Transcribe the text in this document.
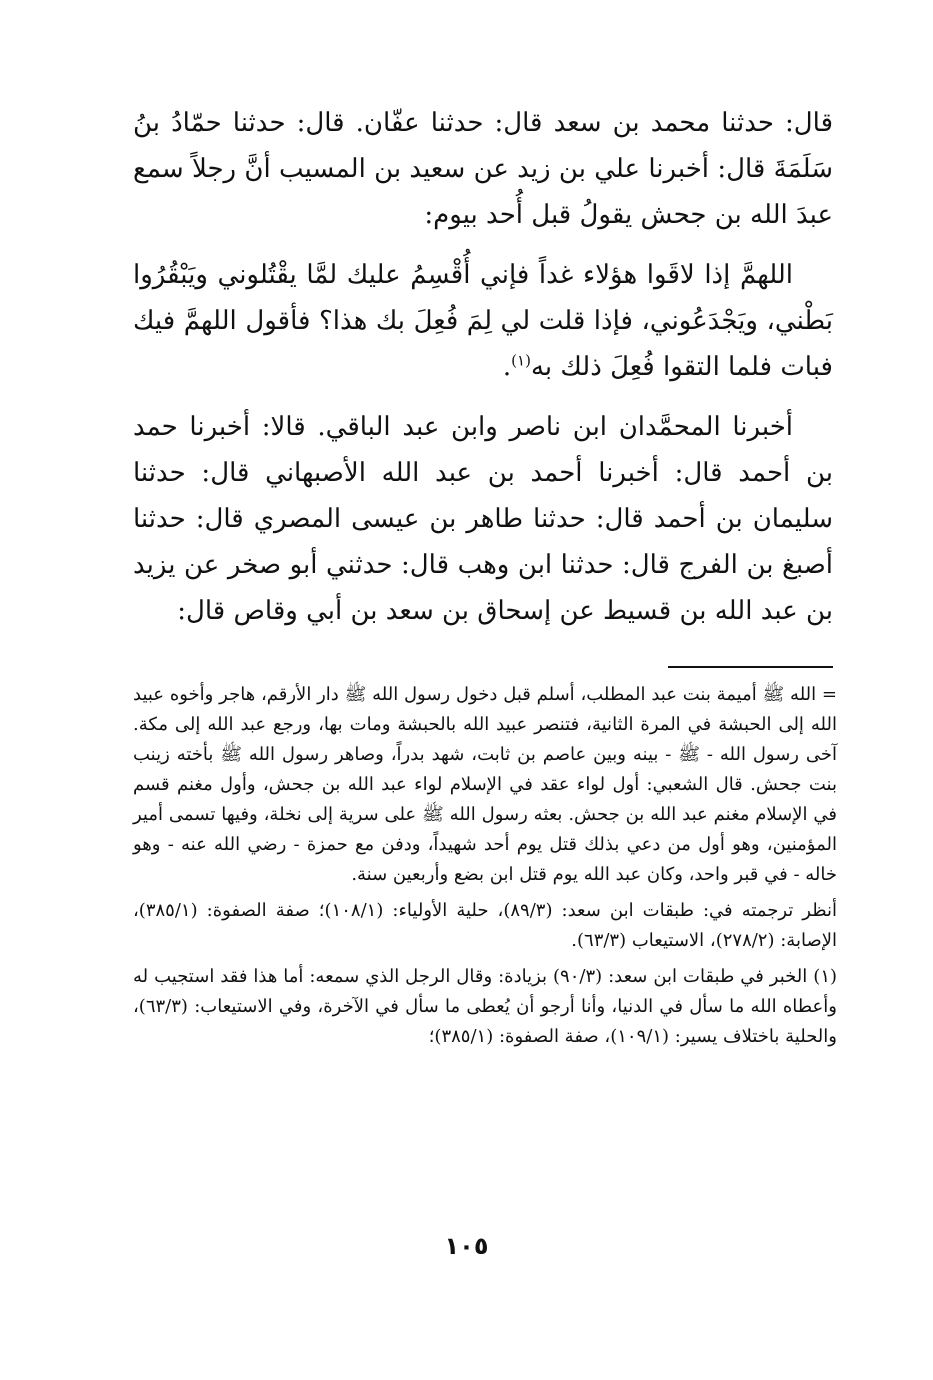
قال: حدثنا محمد بن سعد قال: حدثنا عفّان. قال: حدثنا حمّادُ بنُ سَلَمَةَ قال: أخبرنا علي بن زيد عن سعيد بن المسيب أنَّ رجلاً سمع عبدَ الله بن جحش يقولُ قبل أُحد بيوم:

اللهمَّ إذا لاقَوا هؤلاء غداً فإني أُقْسِمُ عليك لمَّا يقْتُلوني ويَبْقُرُوا بَطْني، ويَجْدَعُوني، فإذا قلت لي لِمَ فُعِلَ بك هذا؟ فأقول اللهمَّ فيك فبات فلما التقوا فُعِلَ ذلك به$^{(١)}$.

أخبرنا المحمَّدان ابن ناصر وابن عبد الباقي. قالا: أخبرنا حمد بن أحمد قال: أخبرنا أحمد بن عبد الله الأصبهاني قال: حدثنا سليمان بن أحمد قال: حدثنا طاهر بن عيسى المصري قال: حدثنا أصبغ بن الفرج قال: حدثنا ابن وهب قال: حدثني أبو صخر عن يزيد بن عبد الله بن قسيط عن إسحاق بن سعد بن أبي وقاص قال:

= الله ﷺ أميمة بنت عبد المطلب، أسلم قبل دخول رسول الله ﷺ دار الأرقم، هاجر وأخوه عبيد الله إلى الحبشة في المرة الثانية، فتنصر عبيد الله بالحبشة ومات بها، ورجع عبد الله إلى مكة. آخى رسول الله - ﷺ - بينه وبين عاصم بن ثابت، شهد بدراً، وصاهر رسول الله ﷺ بأخته زينب بنت جحش. قال الشعبي: أول لواء عقد في الإسلام لواء عبد الله بن جحش، وأول مغنم قسم في الإسلام مغنم عبد الله بن جحش. بعثه رسول الله ﷺ على سرية إلى نخلة، وفيها تسمى أمير المؤمنين، وهو أول من دعي بذلك قتل يوم أحد شهيداً، ودفن مع حمزة - رضي الله عنه - وهو خاله - في قبر واحد، وكان عبد الله يوم قتل ابن بضع وأربعين سنة.

أنظر ترجمته في: طبقات ابن سعد: (٨٩/٣)، حلية الأولياء: (١٠٨/١)؛ صفة الصفوة: (٣٨٥/١)، الإصابة: (٢٧٨/٢)، الاستيعاب (٦٣/٣).

(١)الخبر في طبقات ابن سعد: (٩٠/٣) بزيادة: وقال الرجل الذي سمعه: أما هذا فقد استجيب له وأعطاه الله ما سأل في الدنيا، وأنا أرجو أن يُعطى ما سأل في الآخرة، وفي الاستيعاب: (٦٣/٣)، والحلية باختلاف يسير: (١٠٩/١)، صفة الصفوة: (٣٨٥/١)؛

١٠٥
